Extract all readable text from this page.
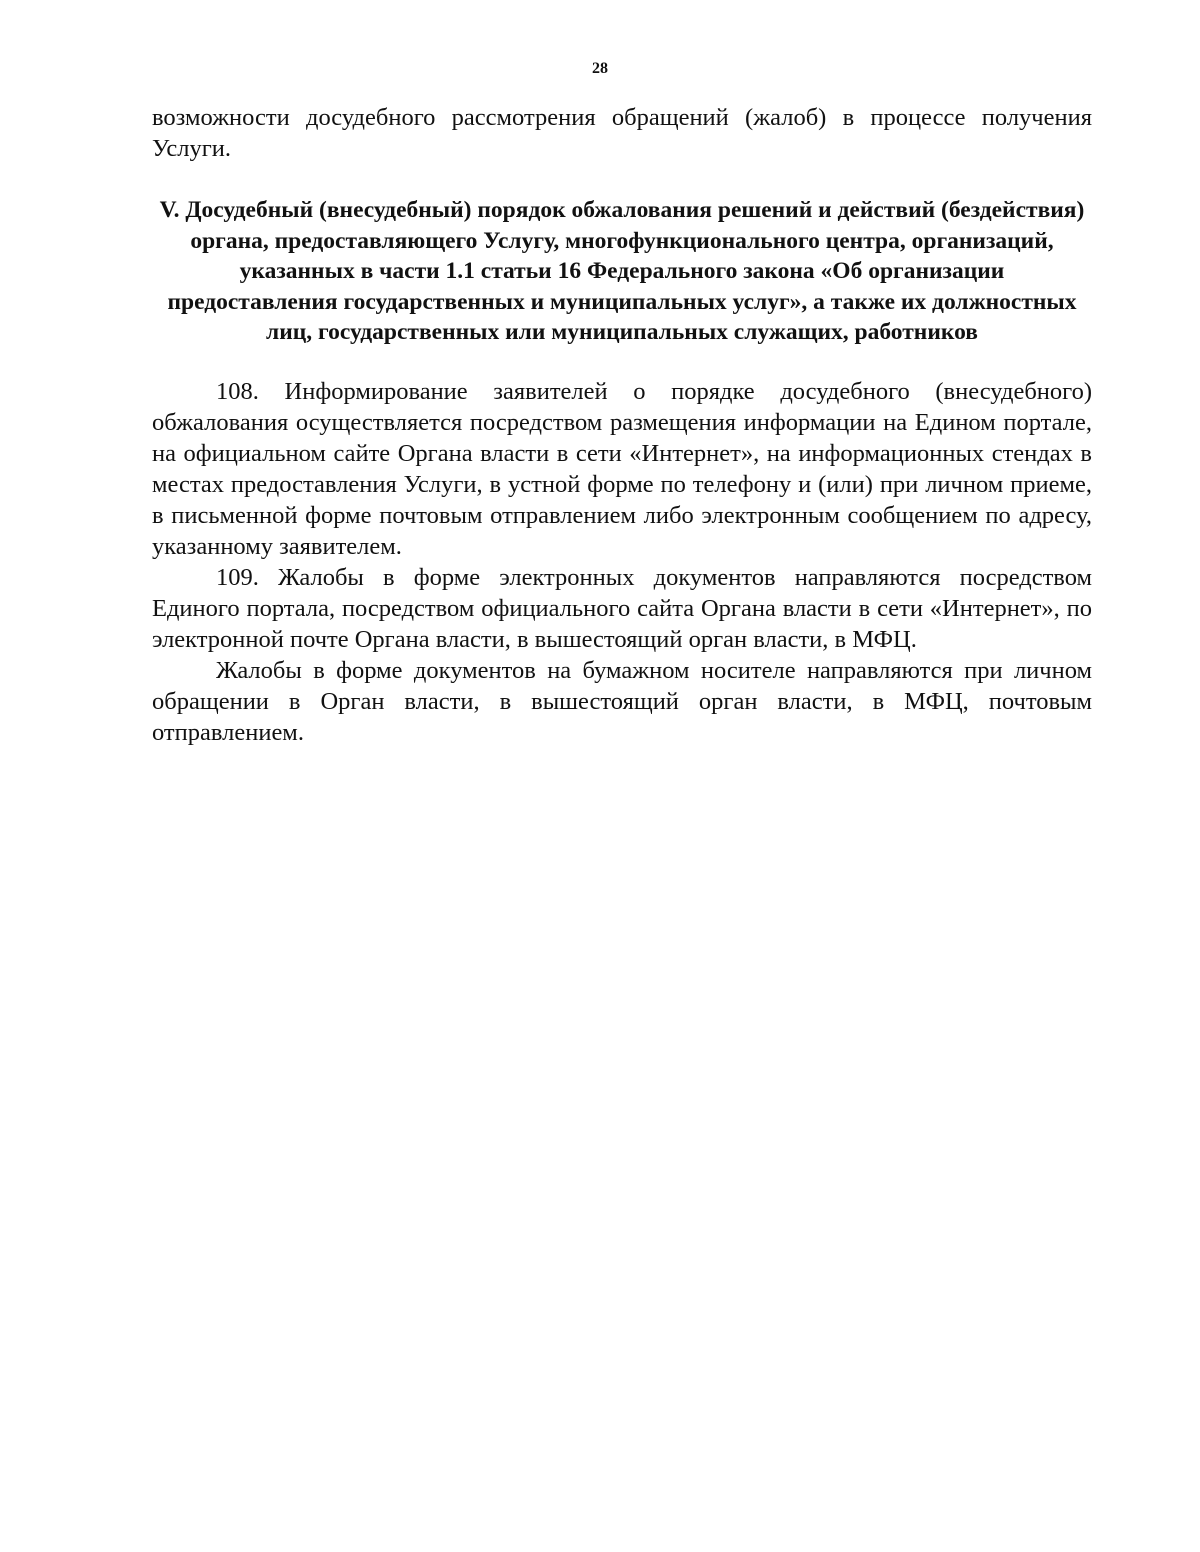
28

возможности досудебного рассмотрения обращений (жалоб) в процессе получения Услуги.

V. Досудебный (внесудебный) порядок обжалования решений и действий (бездействия) органа, предоставляющего Услугу, многофункционального центра, организаций, указанных в части 1.1 статьи 16 Федерального закона «Об организации предоставления государственных и муниципальных услуг», а также их должностных лиц, государственных или муниципальных служащих, работников

108. Информирование заявителей о порядке досудебного (внесудебного) обжалования осуществляется посредством размещения информации на Едином портале, на официальном сайте Органа власти в сети «Интернет», на информационных стендах в местах предоставления Услуги, в устной форме по телефону и (или) при личном приеме, в письменной форме почтовым отправлением либо электронным сообщением по адресу, указанному заявителем.

109. Жалобы в форме электронных документов направляются посредством Единого портала, посредством официального сайта Органа власти в сети «Интернет», по электронной почте Органа власти, в вышестоящий орган власти, в МФЦ.

Жалобы в форме документов на бумажном носителе направляются при личном обращении в Орган власти, в вышестоящий орган власти, в МФЦ, почтовым отправлением.
